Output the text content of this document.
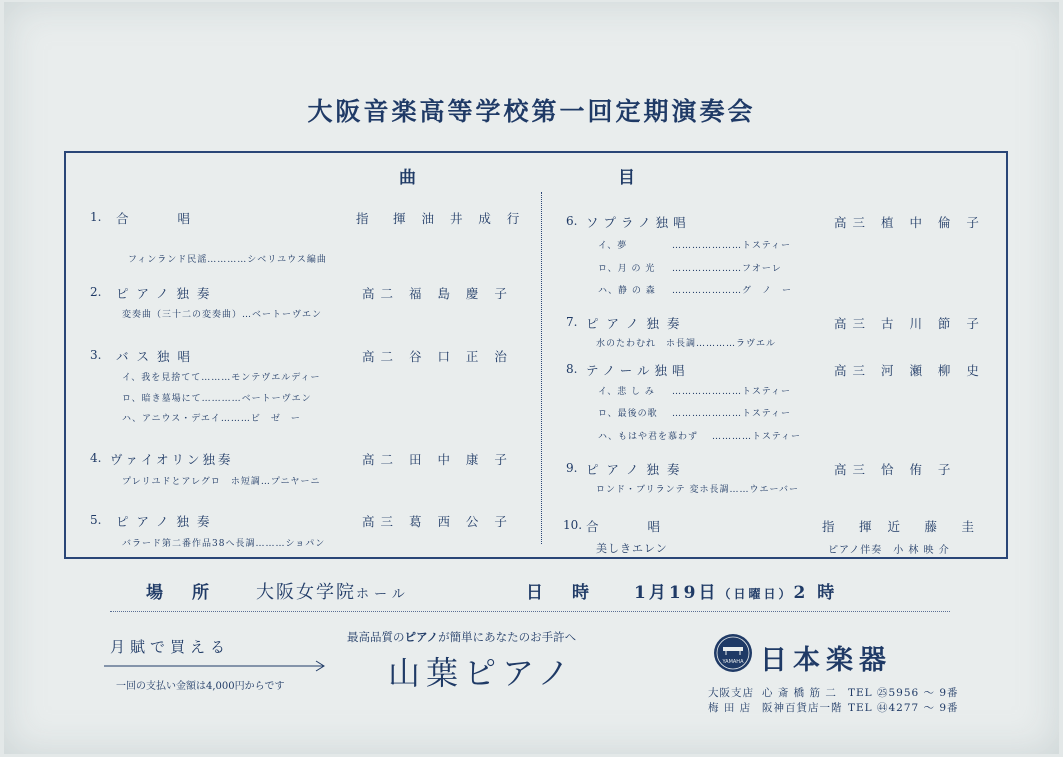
大阪音楽高等学校第一回定期演奏会
曲	目
1. 合　　唱	指　揮 油 井 成 行
フィンランド民謡…………シベリユウス編曲
2. ピアノ独奏	高二 福 島 慶 子
変奏曲（三十二の変奏曲）…ベートーヴエン
3. バス独唱	高二 谷 口 正 治
イ、我を見捨てて………モンテヴエルディー
ロ、暗き墓場にて…………ベートーヴエン
ハ、アニウス・デエイ………ビ　ゼ　ー
4. ヴァイオリン独奏	高二 田 中 康 子
プレリユドとアレグロ　ホ短調…プニヤーニ
5. ピアノ独奏	高三 葛 西 公 子
バラード第二番作品38へ長調………ショパン
6. ソプラノ独唱	高三 植 中 倫 子
イ、夢	…………………トスティー
ロ、月 の 光 …………………フオーレ
ハ、静 の 森 …………………グ　ノ　ー
7. ピアノ独奏	高三 古 川 節 子
水のたわむれ　ホ長調…………ラヴエル
8. テノール独唱	高三 河 瀬 柳 史
イ、悲 し み …………………トスティー
ロ、最後の歌 …………………トスティー
ハ、もはや君を慕わず …………トスティー
9. ピアノ独奏	高三 恰 侑 子
ロンド・ブリランテ 変ホ長調……ウエーバー
10. 合　　唱	指　揮 近　藤　圭
美しきエレン	ピアノ伴奏　小 林 映 介
場　所 大阪女学院ホール	日　時 1月19日（日曜日）2 時
月賦で買える
一回の支払い金額は4,000円からです
最高品質のピアノが簡単にあなたのお手許へ
山葉ピアノ	YAMAHA 日本楽器
大阪支店 心 斎 橋 筋 二 TEL ㉕5956 ～ 9番
梅 田 店 阪神百貨店一階 TEL ㊹4277 ～ 9番
